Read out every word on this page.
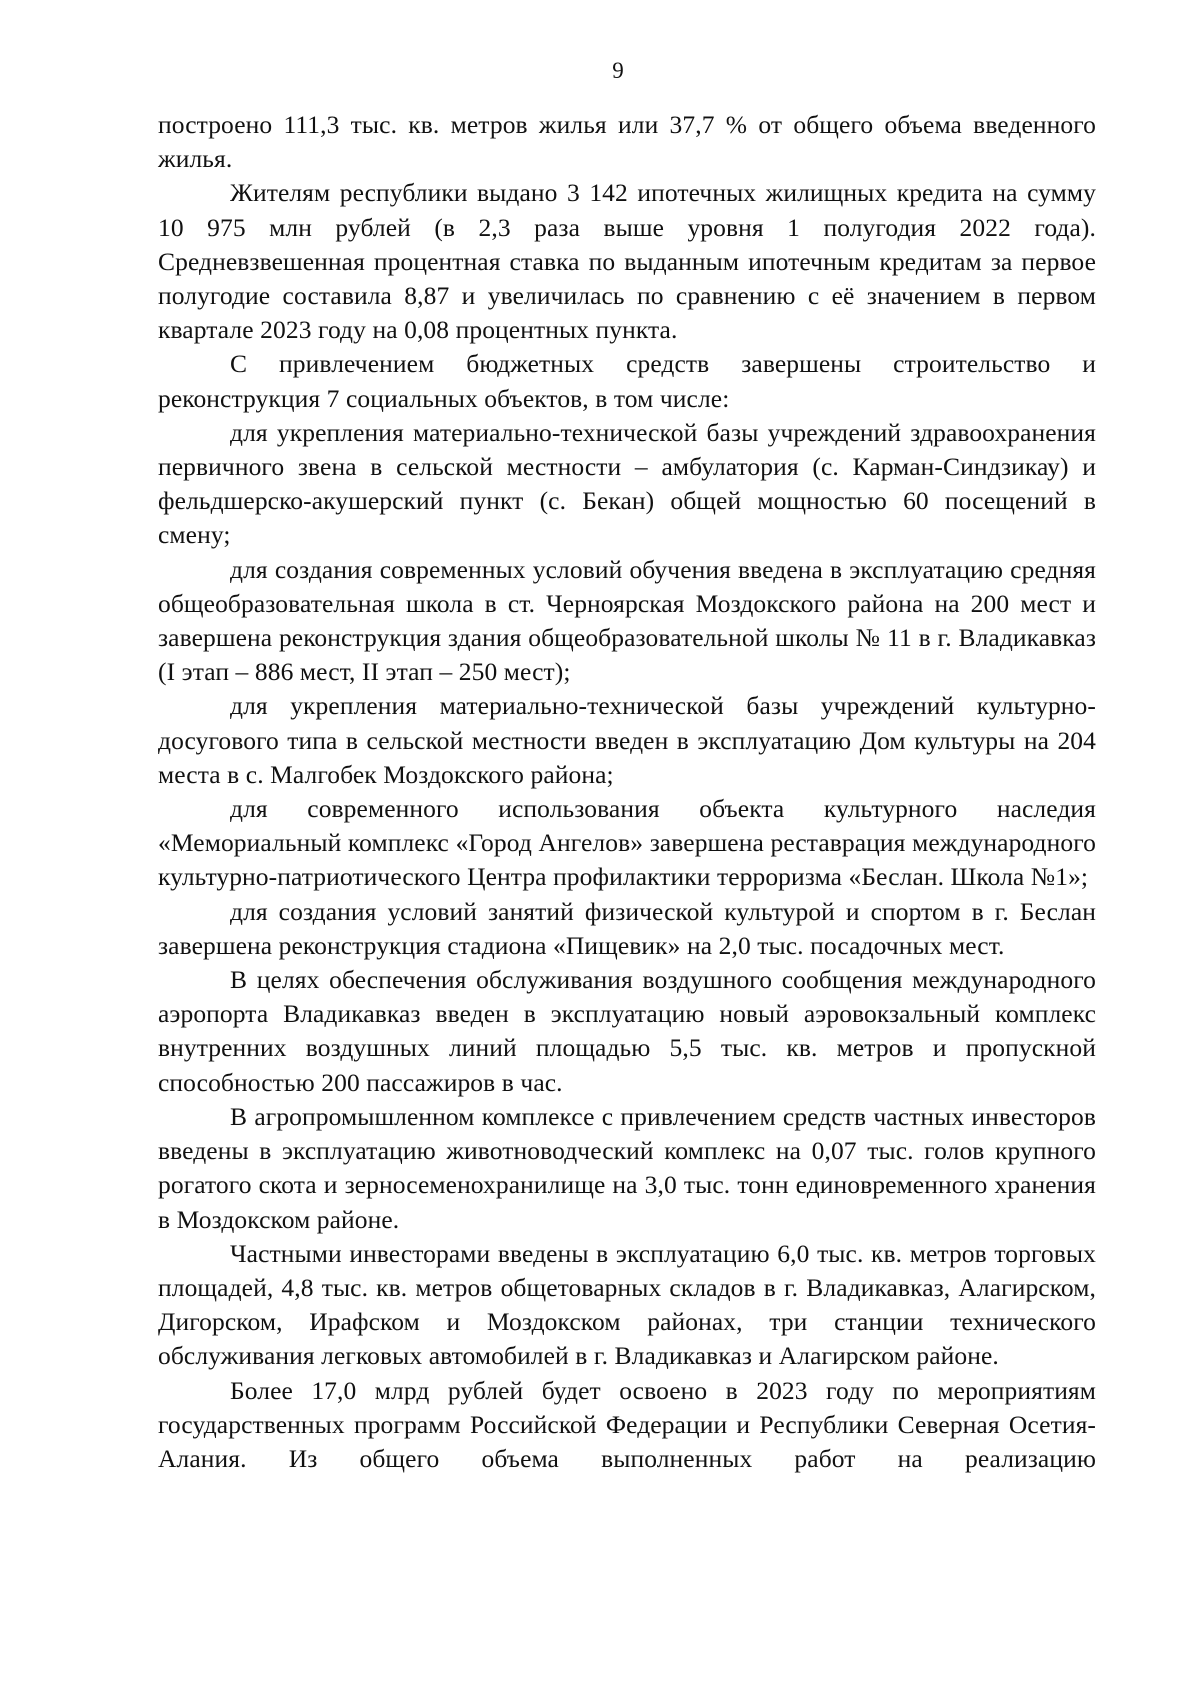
9

построено 111,3 тыс. кв. метров жилья или 37,7 % от общего объема введенного жилья.

Жителям республики выдано 3 142 ипотечных жилищных кредита на сумму 10 975 млн рублей (в 2,3 раза выше уровня 1 полугодия 2022 года). Средневзвешенная процентная ставка по выданным ипотечным кредитам за первое полугодие составила 8,87 и увеличилась по сравнению с её значением в первом квартале 2023 году на 0,08 процентных пункта.

С привлечением бюджетных средств завершены строительство и реконструкция 7 социальных объектов, в том числе:

для укрепления материально-технической базы учреждений здравоохранения первичного звена в сельской местности – амбулатория (с. Карман-Синдзикау) и фельдшерско-акушерский пункт (с. Бекан) общей мощностью 60 посещений в смену;

для создания современных условий обучения введена в эксплуатацию средняя общеобразовательная школа в ст. Черноярская Моздокского района на 200 мест и завершена реконструкция здания общеобразовательной школы № 11 в г. Владикавказ (I этап – 886 мест, II этап – 250 мест);

для укрепления материально-технической базы учреждений культурно-досугового типа в сельской местности введен в эксплуатацию Дом культуры на 204 места в с. Малгобек Моздокского района;

для современного использования объекта культурного наследия «Мемориальный комплекс «Город Ангелов» завершена реставрация международного культурно-патриотического Центра профилактики терроризма «Беслан. Школа №1»;

для создания условий занятий физической культурой и спортом в г. Беслан завершена реконструкция стадиона «Пищевик» на 2,0 тыс. посадочных мест.

В целях обеспечения обслуживания воздушного сообщения международного аэропорта Владикавказ введен в эксплуатацию новый аэровокзальный комплекс внутренних воздушных линий площадью 5,5 тыс. кв. метров и пропускной способностью 200 пассажиров в час.

В агропромышленном комплексе с привлечением средств частных инвесторов введены в эксплуатацию животноводческий комплекс на 0,07 тыс. голов крупного рогатого скота и зерносеменохранилище на 3,0 тыс. тонн единовременного хранения в Моздокском районе.

Частными инвесторами введены в эксплуатацию 6,0 тыс. кв. метров торговых площадей, 4,8 тыс. кв. метров общетоварных складов в г. Владикавказ, Алагирском, Дигорском, Ирафском и Моздокском районах, три станции технического обслуживания легковых автомобилей в г. Владикавказ и Алагирском районе.

Более 17,0 млрд рублей будет освоено в 2023 году по мероприятиям государственных программ Российской Федерации и Республики Северная Осетия-Алания. Из общего объема выполненных работ на реализацию
